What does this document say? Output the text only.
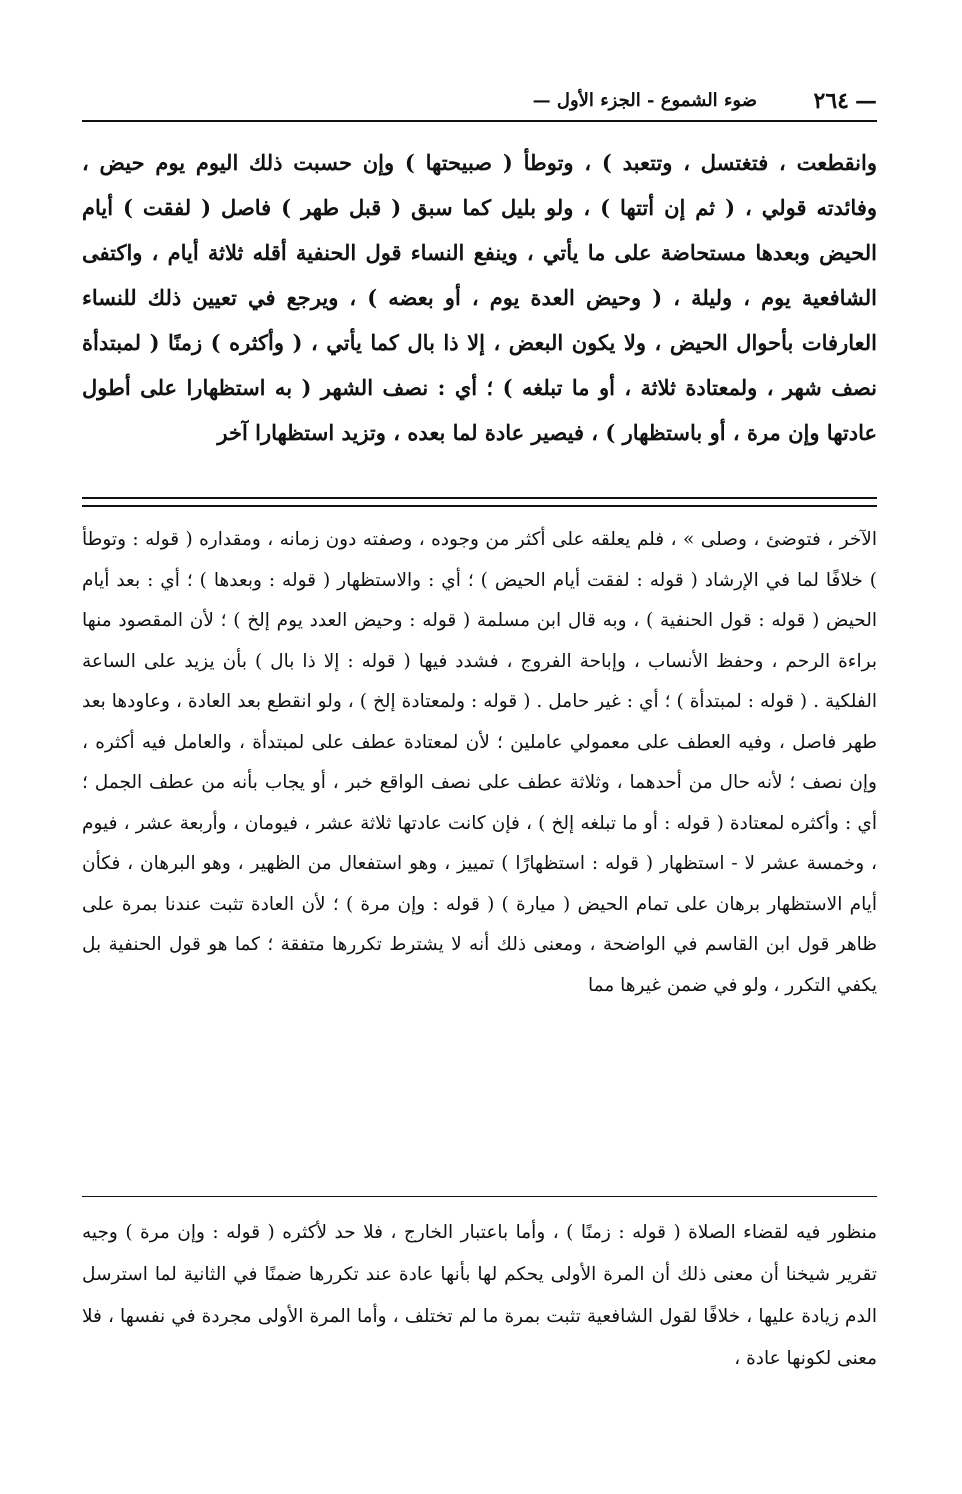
— ٢٦٤
ضوء الشموع - الجزء الأول —

وانقطعت ، فتغتسل ، وتتعبد ) ، وتوطأ ( صبيحتها ) وإن حسبت ذلك اليوم يوم حيض ، وفائدته قولي ، ( ثم إن أتتها ) ، ولو بليل كما سبق ( قبل طهر ) فاصل ( لفقت ) أيام الحيض وبعدها مستحاضة على ما يأتي ، وينفع النساء قول الحنفية أقله ثلاثة أيام ، واكتفى الشافعية يوم ، وليلة ، ( وحيض العدة يوم ، أو بعضه ) ، ويرجع في تعيين ذلك للنساء العارفات بأحوال الحيض ، ولا يكون البعض ، إلا ذا بال كما يأتي ، ( وأكثره ) زمنًا ( لمبتدأة نصف شهر ، ولمعتادة ثلاثة ، أو ما تبلغه ) ؛ أي : نصف الشهر ( به استظهارا على أطول عادتها وإن مرة ، أو باستظهار ) ، فيصير عادة لما بعده ، وتزيد استظهارا آخر

الآخر ، فتوضئ ، وصلى » ، فلم يعلقه على أكثر من وجوده ، وصفته دون زمانه ، ومقداره ( قوله : وتوطأ ) خلافًا لما في الإرشاد ( قوله : لفقت أيام الحيض ) ؛ أي : والاستظهار ( قوله : وبعدها ) ؛ أي : بعد أيام الحيض ( قوله : قول الحنفية ) ، وبه قال ابن مسلمة ( قوله : وحيض العدد يوم إلخ ) ؛ لأن المقصود منها براءة الرحم ، وحفظ الأنساب ، وإباحة الفروج ، فشدد فيها ( قوله : إلا ذا بال ) بأن يزيد على الساعة الفلكية . ( قوله : لمبتدأة ) ؛ أي : غير حامل . ( قوله : ولمعتادة إلخ ) ، ولو انقطع بعد العادة ، وعاودها بعد طهر فاصل ، وفيه العطف على معمولي عاملين ؛ لأن لمعتادة عطف على لمبتدأة ، والعامل فيه أكثره ، وإن نصف ؛ لأنه حال من أحدهما ، وثلاثة عطف على نصف الواقع خبر ، أو يجاب بأنه من عطف الجمل ؛ أي : وأكثره لمعتادة ( قوله : أو ما تبلغه إلخ ) ، فإن كانت عادتها ثلاثة عشر ، فيومان ، وأربعة عشر ، فيوم ، وخمسة عشر لا - استظهار ( قوله : استظهارًا ) تمييز ، وهو استفعال من الظهير ، وهو البرهان ، فكأن أيام الاستظهار برهان على تمام الحيض ( ميارة ) ( قوله : وإن مرة ) ؛ لأن العادة تثبت عندنا بمرة على ظاهر قول ابن القاسم في الواضحة ، ومعنى ذلك أنه لا يشترط تكررها متفقة ؛ كما هو قول الحنفية بل يكفي التكرر ، ولو في ضمن غيرها مما

منظور فيه لقضاء الصلاة ( قوله : زمنًا ) ، وأما باعتبار الخارج ، فلا حد لأكثره ( قوله : وإن مرة ) وجيه تقرير شيخنا أن معنى ذلك أن المرة الأولى يحكم لها بأنها عادة عند تكررها ضمنًا في الثانية لما استرسل الدم زيادة عليها ، خلافًا لقول الشافعية تثبت بمرة ما لم تختلف ، وأما المرة الأولى مجردة في نفسها ، فلا معنى لكونها عادة ،
